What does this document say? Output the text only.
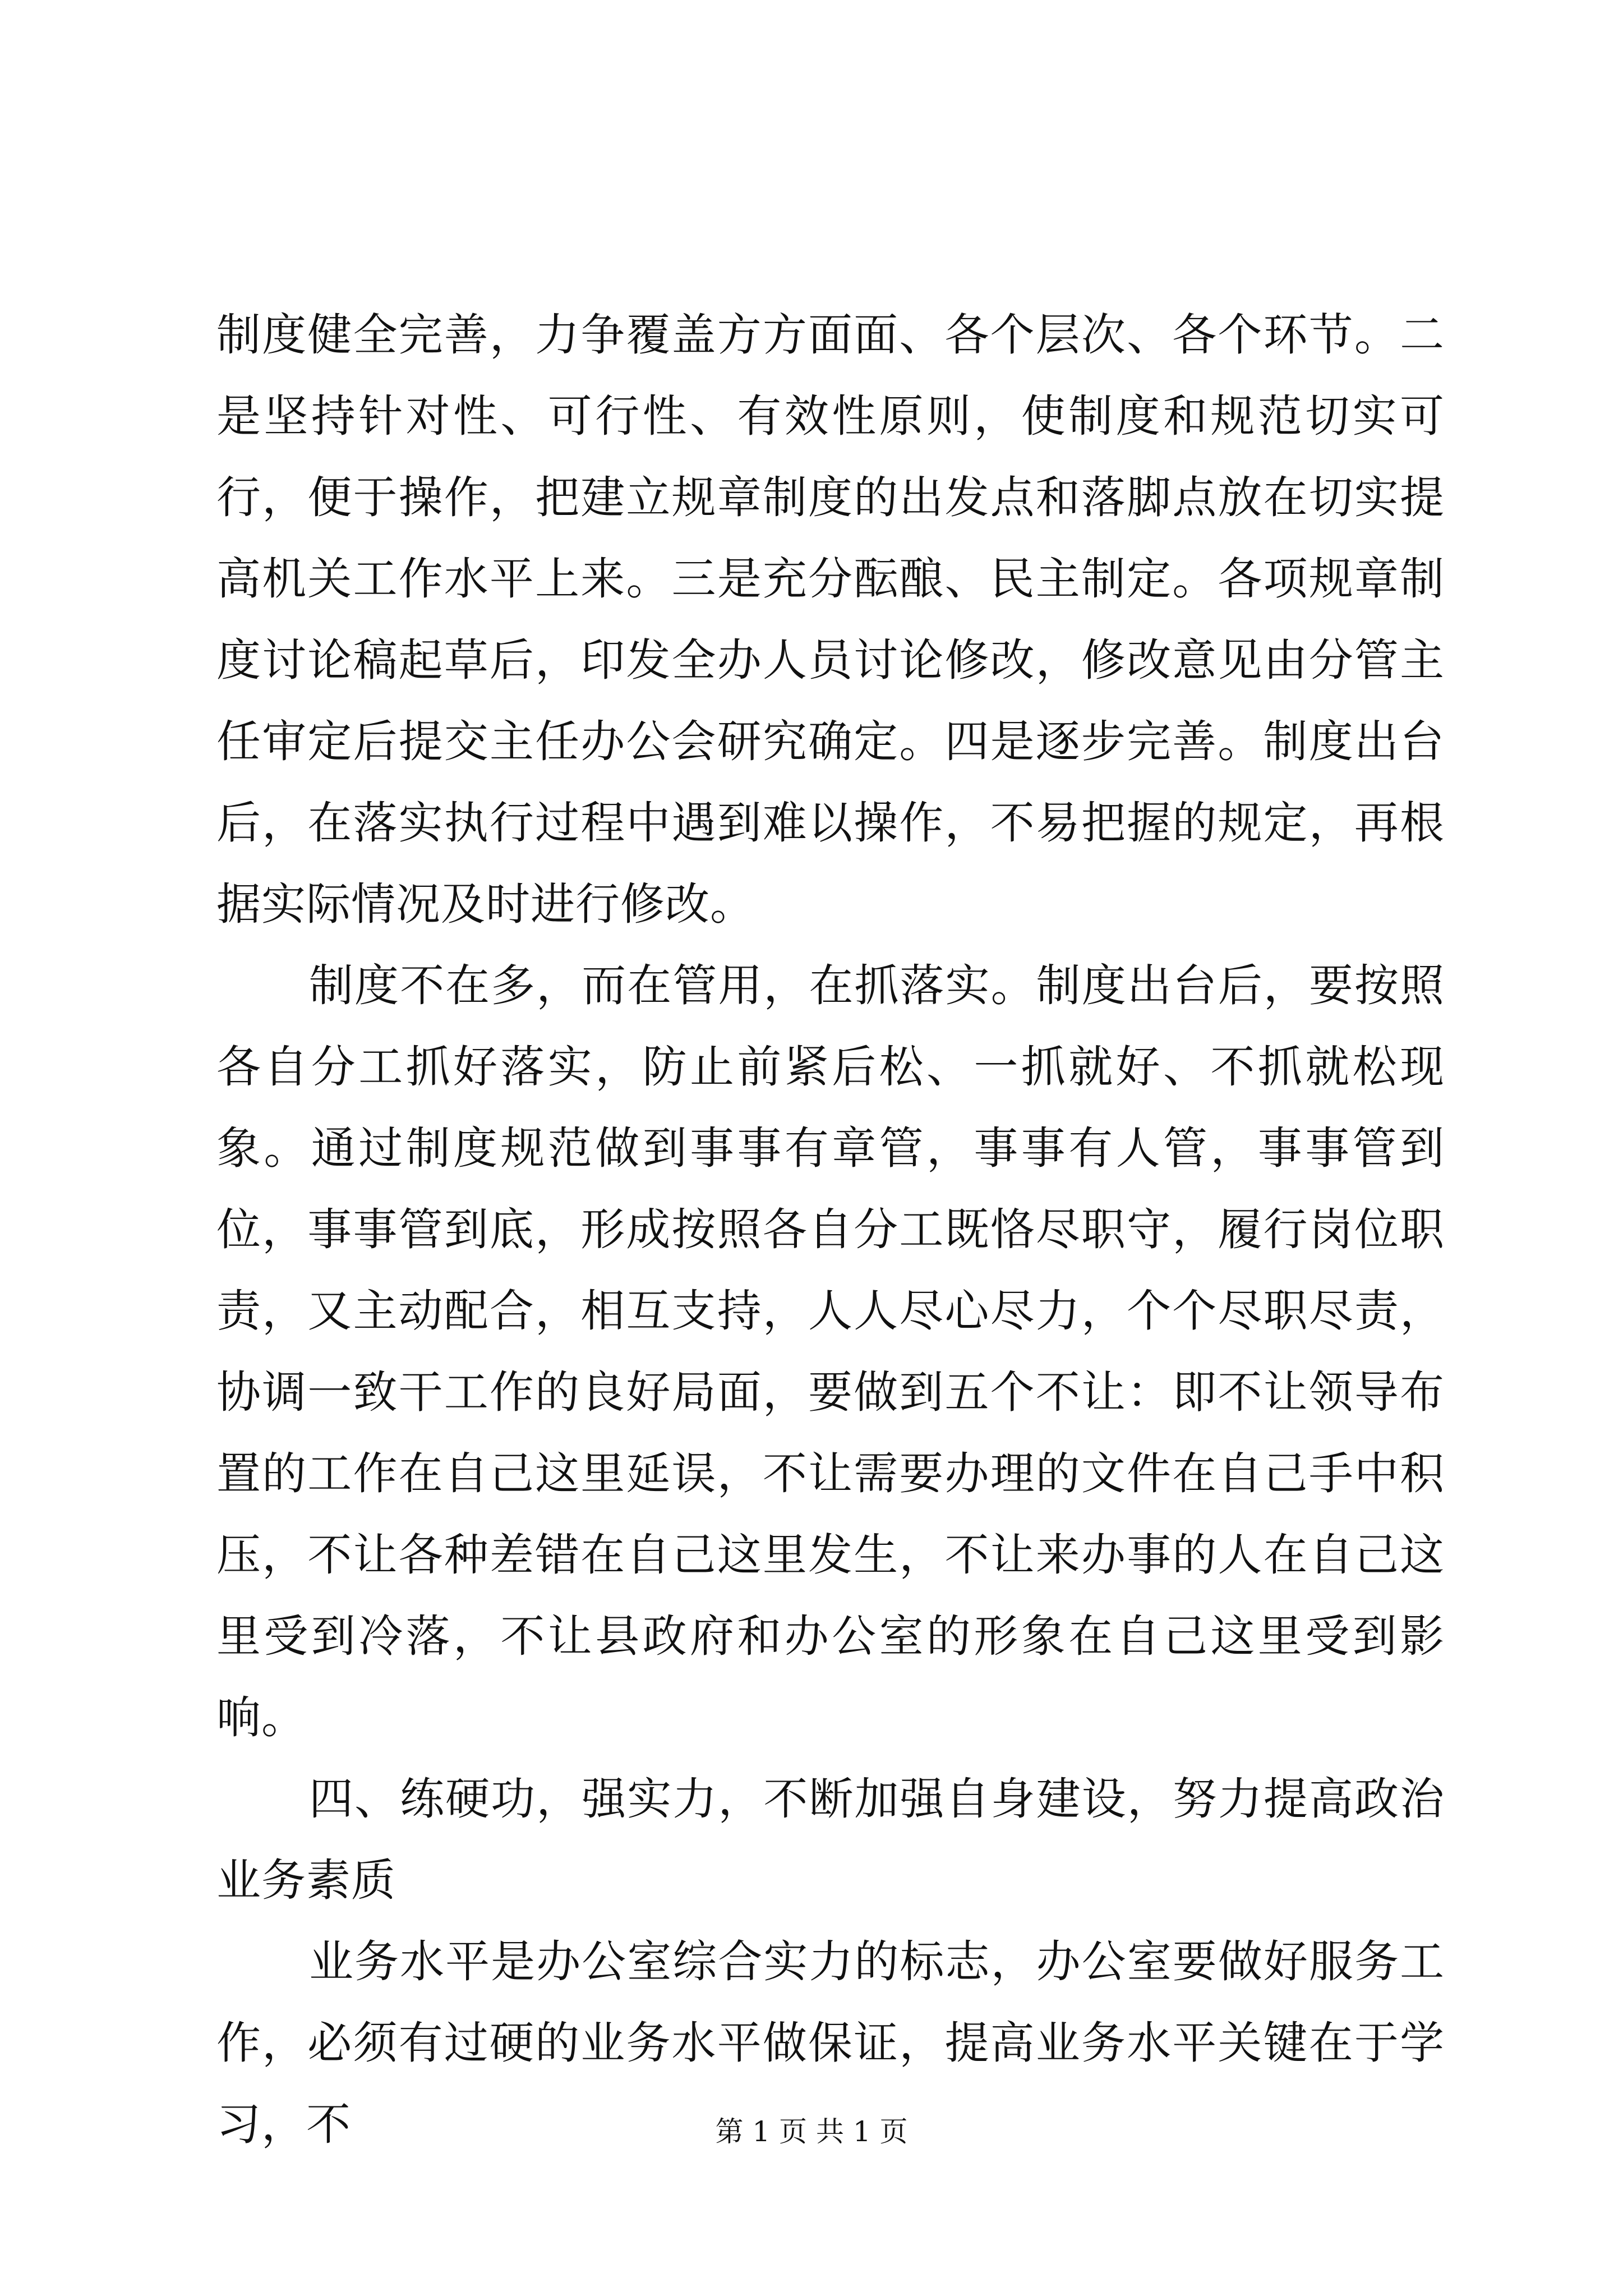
制度健全完善，力争覆盖方方面面、各个层次、各个环节。二是坚持针对性、可行性、有效性原则，使制度和规范切实可行，便于操作，把建立规章制度的出发点和落脚点放在切实提高机关工作水平上来。三是充分酝酿、民主制定。各项规章制度讨论稿起草后，印发全办人员讨论修改，修改意见由分管主任审定后提交主任办公会研究确定。四是逐步完善。制度出台后，在落实执行过程中遇到难以操作，不易把握的规定，再根据实际情况及时进行修改。

制度不在多，而在管用，在抓落实。制度出台后，要按照各自分工抓好落实，防止前紧后松、一抓就好、不抓就松现象。通过制度规范做到事事有章管，事事有人管，事事管到位，事事管到底，形成按照各自分工既恪尽职守，履行岗位职责，又主动配合，相互支持，人人尽心尽力，个个尽职尽责，协调一致干工作的良好局面，要做到五个不让：即不让领导布置的工作在自己这里延误，不让需要办理的文件在自己手中积压，不让各种差错在自己这里发生，不让来办事的人在自己这里受到冷落，不让县政府和办公室的形象在自己这里受到影响。

四、练硬功，强实力，不断加强自身建设，努力提高政治业务素质

业务水平是办公室综合实力的标志，办公室要做好服务工作，必须有过硬的业务水平做保证，提高业务水平关键在于学习，不	第 1 页 共 1 页
